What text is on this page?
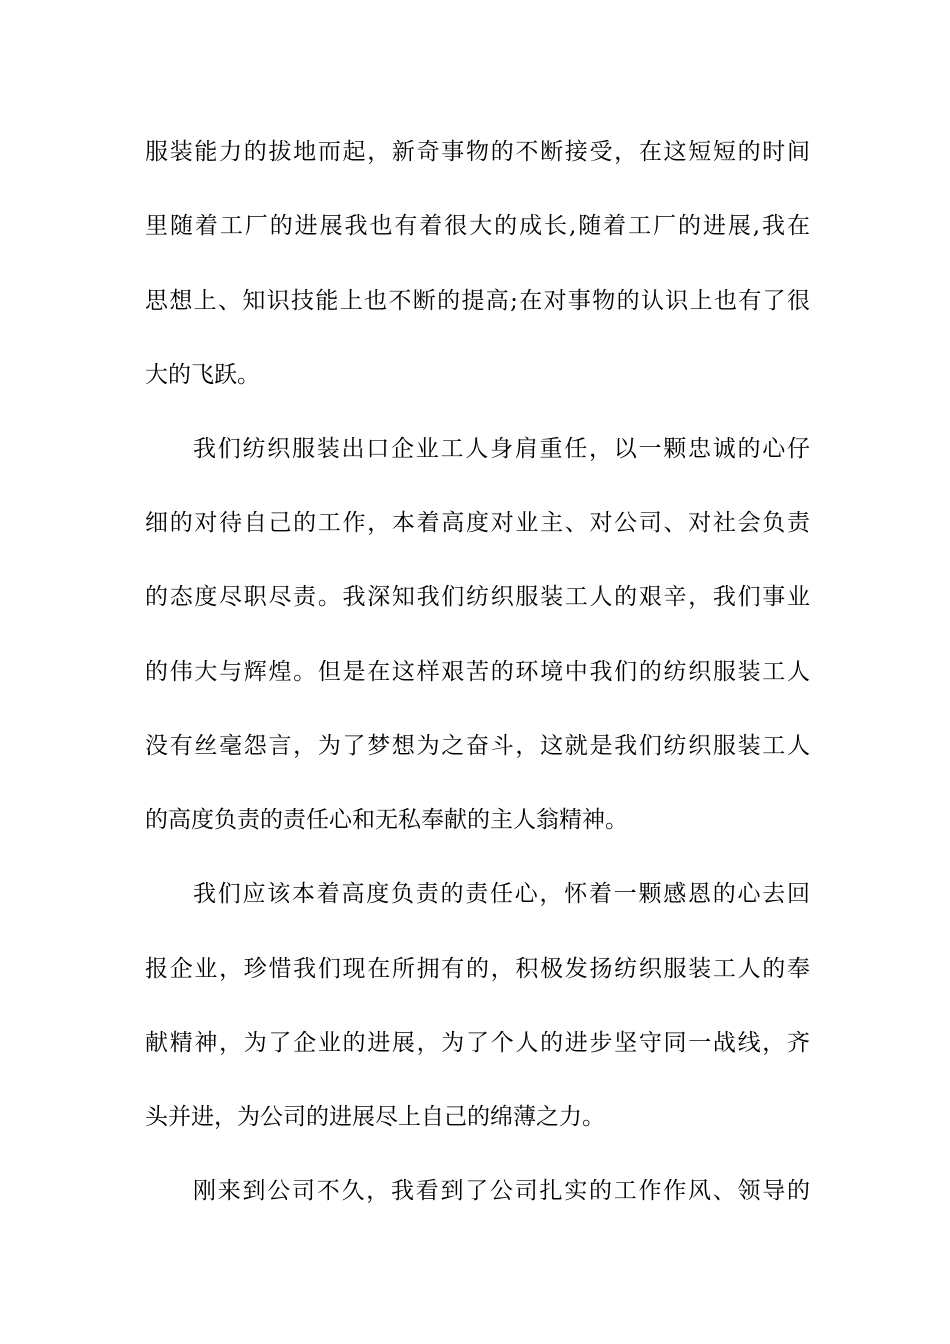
服装能力的拔地而起，新奇事物的不断接受，在这短短的时间
里随着工厂的进展我也有着很大的成长,随着工厂的进展,我在
思想上、知识技能上也不断的提高;在对事物的认识上也有了很
大的飞跃。
我们纺织服装出口企业工人身肩重任，以一颗忠诚的心仔
细的对待自己的工作，本着高度对业主、对公司、对社会负责
的态度尽职尽责。我深知我们纺织服装工人的艰辛，我们事业
的伟大与辉煌。但是在这样艰苦的环境中我们的纺织服装工人
没有丝毫怨言，为了梦想为之奋斗，这就是我们纺织服装工人
的高度负责的责任心和无私奉献的主人翁精神。
我们应该本着高度负责的责任心，怀着一颗感恩的心去回
报企业，珍惜我们现在所拥有的，积极发扬纺织服装工人的奉
献精神，为了企业的进展，为了个人的进步坚守同一战线，齐
头并进，为公司的进展尽上自己的绵薄之力。
刚来到公司不久，我看到了公司扎实的工作作风、领导的
